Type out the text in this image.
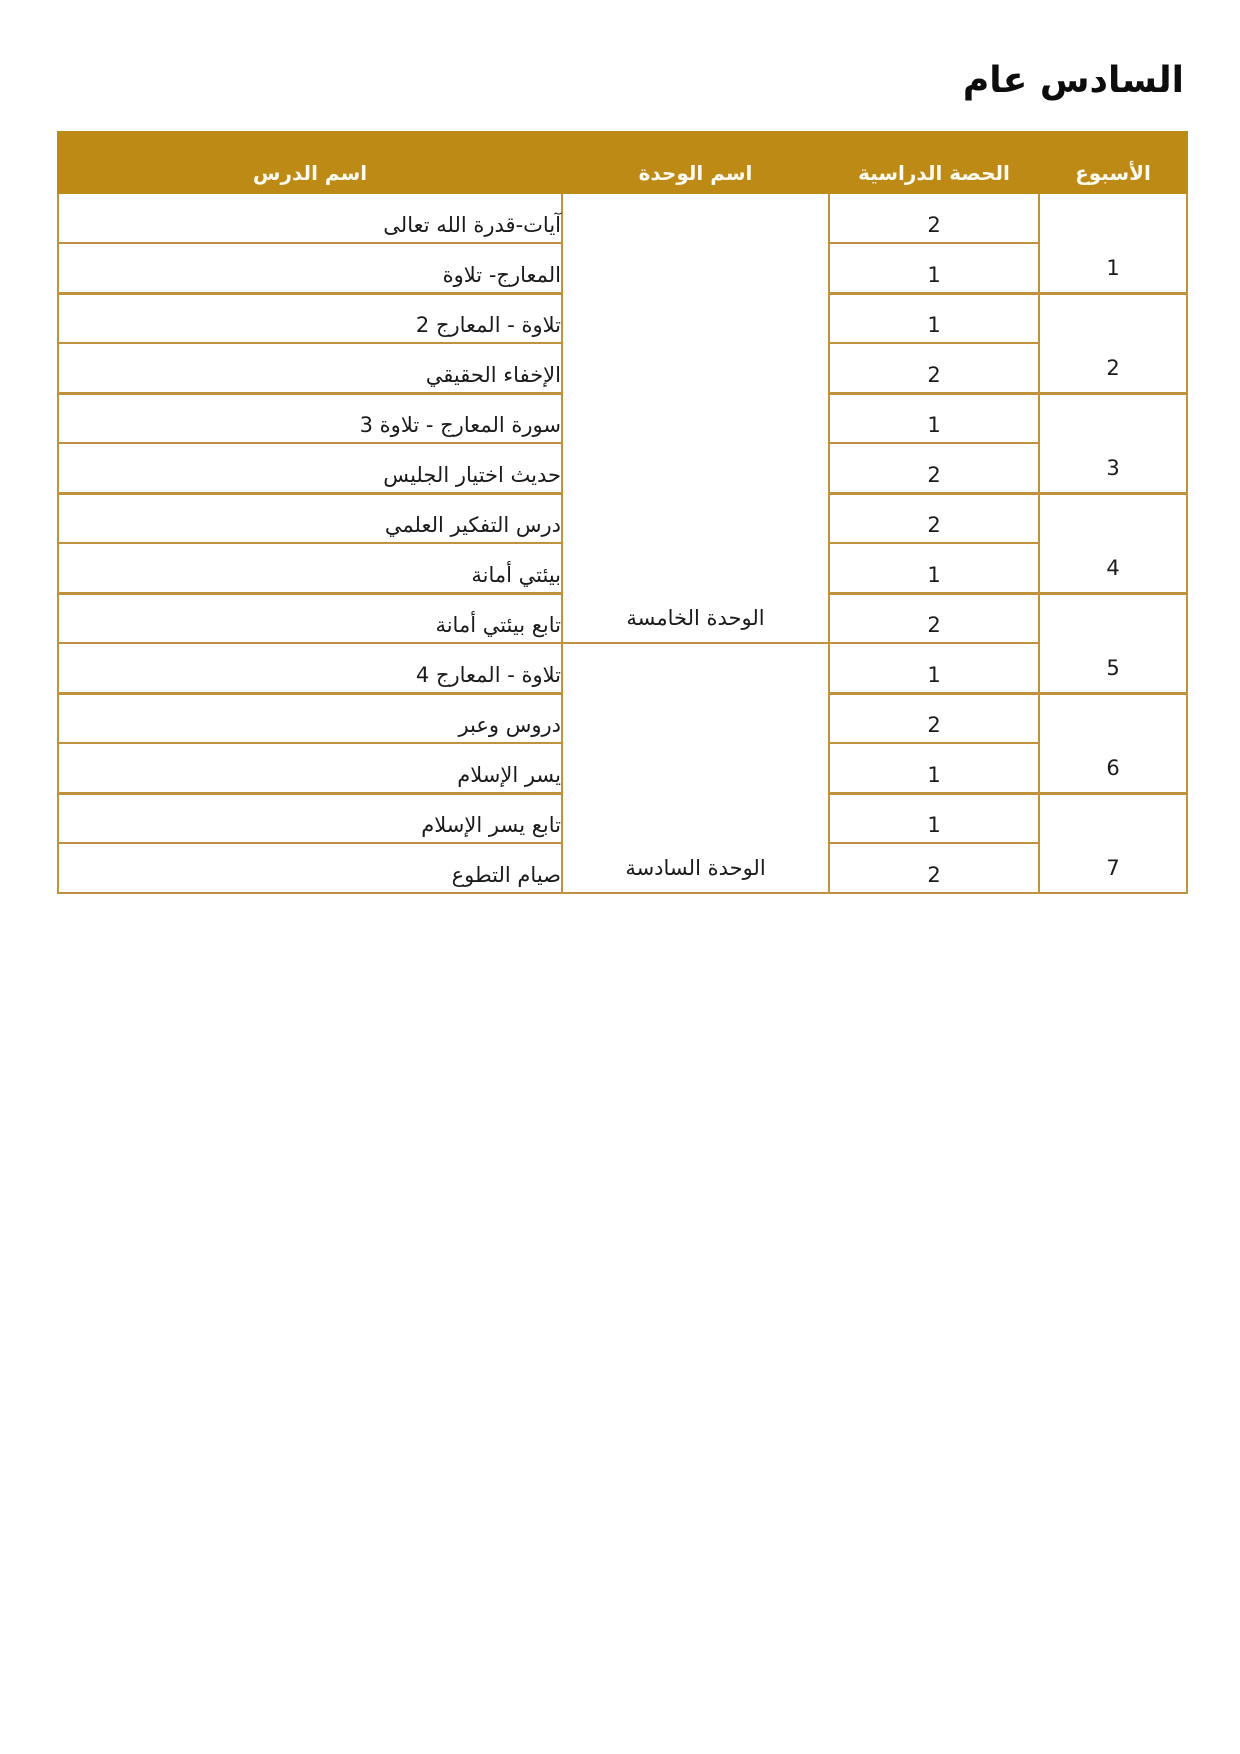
السادس عام
الأسبوع	الحصة الدراسية	اسم الوحدة	اسم الدرس

1	2	الوحدة الخامسة	آيات-قدرة الله تعالى
	1		المعارج- تلاوة

2	1		تلاوة - المعارج 2
	2		الإخفاء الحقيقي

3	1		سورة المعارج - تلاوة 3
	2		حديث اختيار الجليس

4	2		درس التفكير العلمي
	1		بيئتي أمانة

5	2		تابع بيئتي أمانة
	1	الوحدة السادسة	تلاوة - المعارج 4

6	2		دروس وعبر
	1		يسر الإسلام

7	1		تابع يسر الإسلام
	2		صيام التطوع
